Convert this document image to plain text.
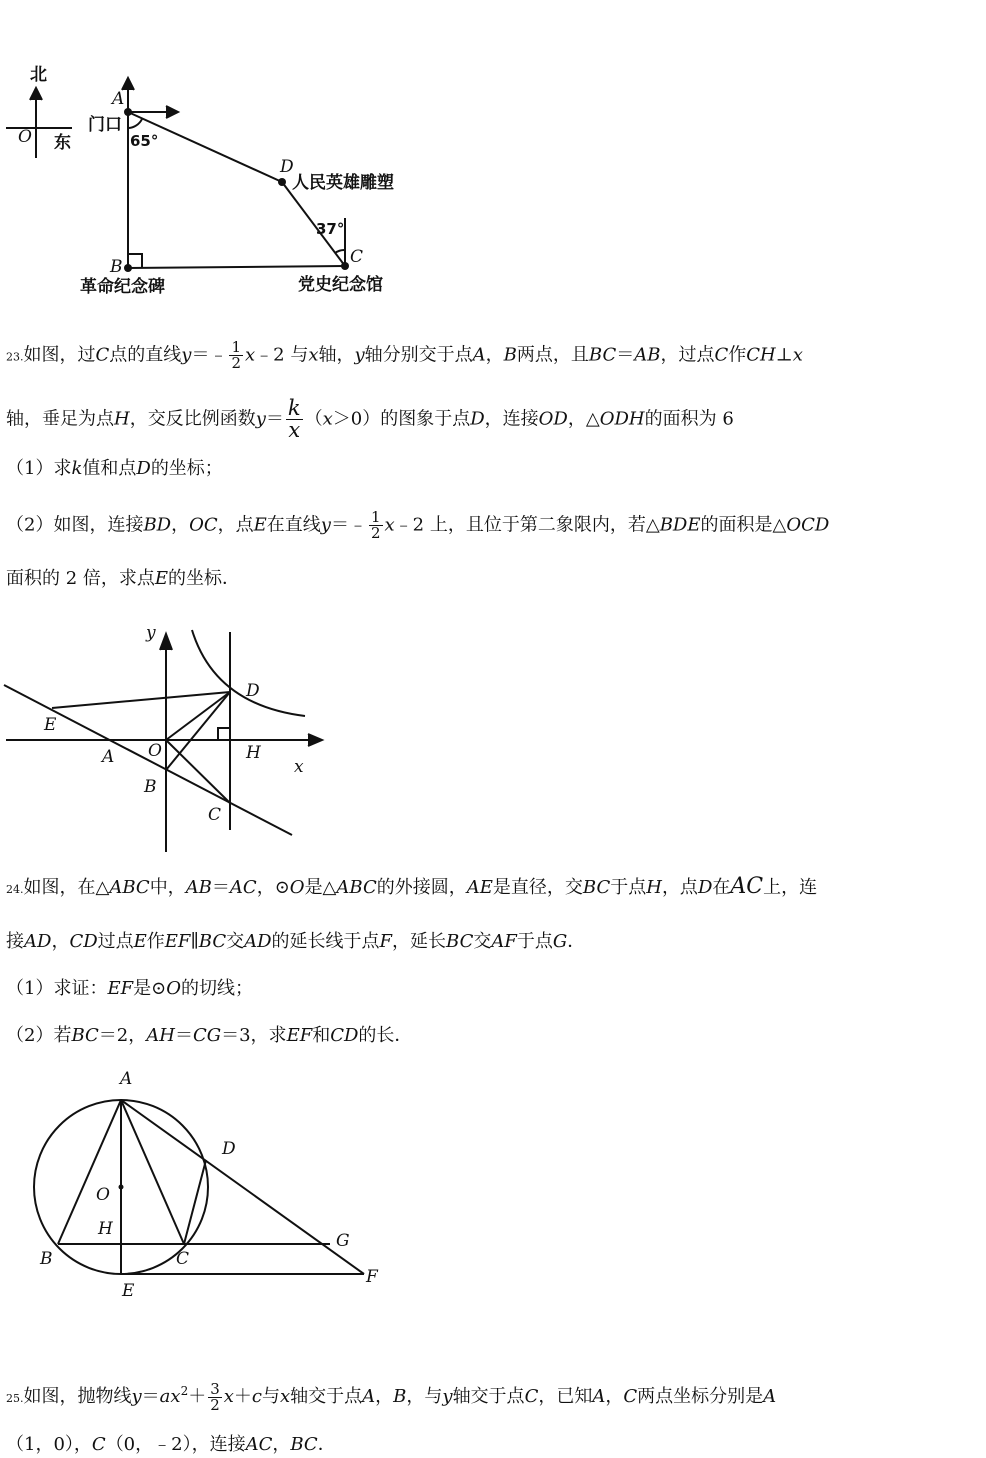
北
O 东
A
门口
65°
D
人民英雄雕塑
37°
C
B
革命纪念碑	党史纪念馆
23.如图，过C点的直线y＝﹣ $\frac{1}{2}$ x﹣2 与x轴，y轴分别交于点A，B两点，且BC＝AB，过点C作CH⊥x
轴，垂足为点H，交反比例函数$y= \frac{k}{x} (x>0)$的图象于点D，连接OD，△ODH的面积为 6
（1）求k值和点D的坐标；
（2）如图，连接BD，OC，点E在直线y＝﹣ $\frac{1}{2}$ x﹣2 上，且位于第二象限内，若△BDE的面积是△OCD
面积的 2 倍，求点E的坐标．
y
x
D
E
A O	H
B
C
24.如图，在△ABC中，AB＝AC，⊙O是△ABC的外接圆，AE是直径，交BC于点H，点D在AC上，连
接AD，CD过点E作EF∥BC交AD的延长线于点F，延长BC交AF于点G．
（1）求证：EF是⊙O的切线；
（2）若BC＝2，AH＝CG＝3，求EF和CD的长．
A
D
O
H
G
B	C
F
E
25.如图，抛物线$y=ax^2+ \frac{3}{2} x+c$与x轴交于点A，B，与y轴交于点C，已知A，C两点坐标分别是A
（1，0），C（0，﹣2），连接AC，BC．
